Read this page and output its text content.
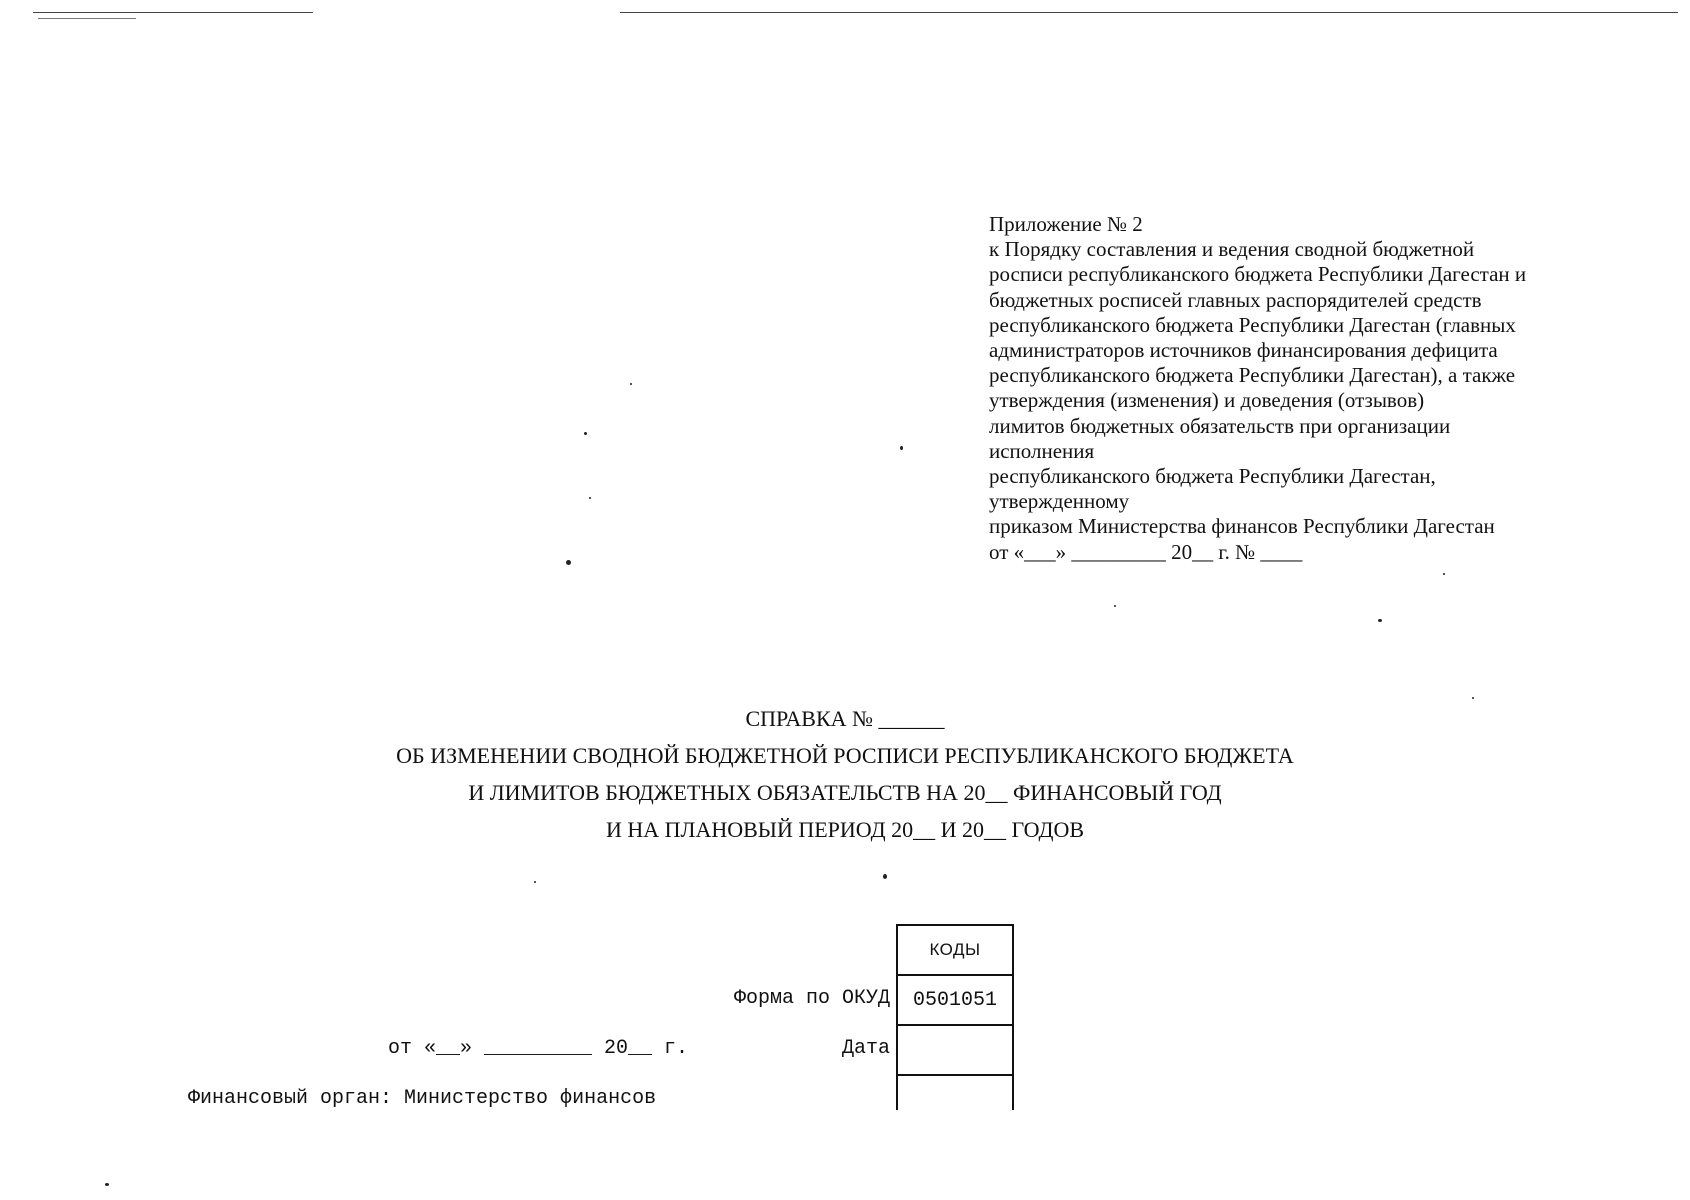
Приложение № 2
к Порядку составления и ведения сводной бюджетной
росписи республиканского бюджета Республики Дагестан и
бюджетных росписей главных распорядителей средств
республиканского бюджета Республики Дагестан (главных
администраторов источников финансирования дефицита
республиканского бюджета Республики Дагестан), а также
утверждения (изменения) и доведения (отзывов)
лимитов бюджетных обязательств при организации
исполнения
республиканского бюджета Республики Дагестан,
утвержденному
приказом Министерства финансов Республики Дагестан
от «___» _________ 20__ г. № ____
СПРАВКА № ______
ОБ ИЗМЕНЕНИИ СВОДНОЙ БЮДЖЕТНОЙ РОСПИСИ РЕСПУБЛИКАНСКОГО БЮДЖЕТА
И ЛИМИТОВ БЮДЖЕТНЫХ ОБЯЗАТЕЛЬСТВ НА 20__ ФИНАНСОВЫЙ ГОД
И НА ПЛАНОВЫЙ ПЕРИОД 20__ И 20__ ГОДОВ
КОДЫ
0501051
Форма по ОКУД
Дата
от «__» _________ 20__ г.
Финансовый орган: Министерство финансов
